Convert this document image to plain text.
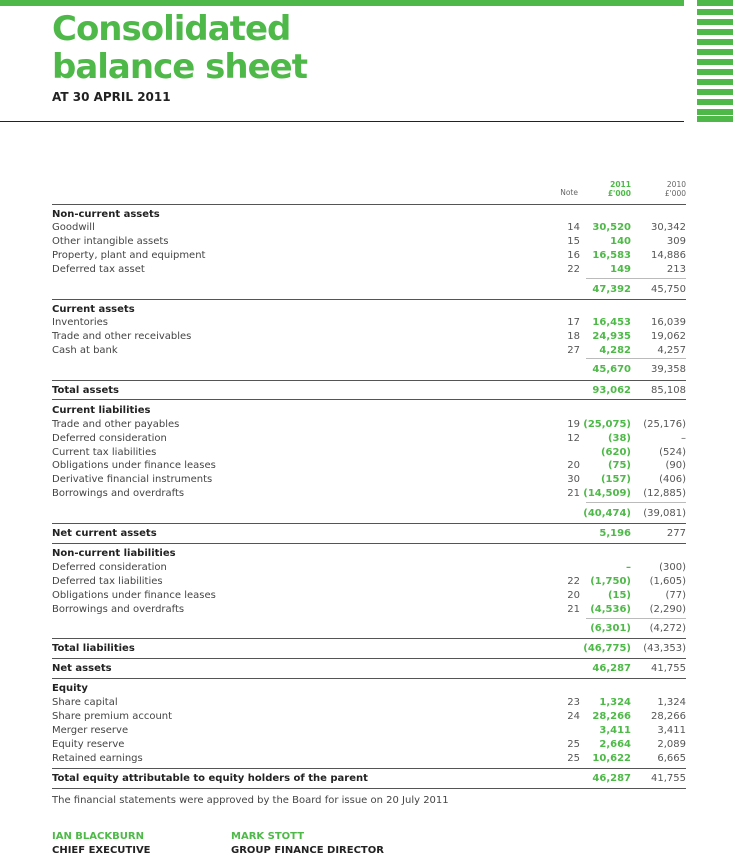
Consolidated
balance sheet
AT 30 APRIL 2011
Note
2011
£'000
2010
£'000
Non-current assets
Goodwill	14	30,520	30,342
Other intangible assets	15	140	309
Property, plant and equipment	16	16,583	14,886
Deferred tax asset	22	149	213
47,392	45,750
Current assets
Inventories	17	16,453	16,039
Trade and other receivables	18	24,935	19,062
Cash at bank	27	4,282	4,257
45,670	39,358
Total assets	93,062	85,108
Current liabilities
Trade and other payables	19 (25,075)	(25,176)
Deferred consideration	12	(38)	–
Current tax liabilities	(620)	(524)
Obligations under finance leases	20	(75)	(90)
Derivative financial instruments	30	(157)	(406)
Borrowings and overdrafts	21 (14,509)	(12,885)
(40,474)	(39,081)
Net current assets	5,196	277
Non-current liabilities
Deferred consideration	–	(300)
Deferred tax liabilities	22	(1,750)	(1,605)
Obligations under finance leases	20	(15)	(77)
Borrowings and overdrafts	21	(4,536)	(2,290)
(6,301)	(4,272)
Total liabilities	(46,775)	(43,353)
Net assets	46,287	41,755
Equity
Share capital	23	1,324	1,324
Share premium account	24	28,266	28,266
Merger reserve	3,411	3,411
Equity reserve	25	2,664	2,089
Retained earnings	25	10,622	6,665
Total equity attributable to equity holders of the parent	46,287	41,755
The financial statements were approved by the Board for issue on 20 July 2011
IAN BLACKBURN
CHIEF EXECUTIVE
MARK STOTT
GROUP FINANCE DIRECTOR
